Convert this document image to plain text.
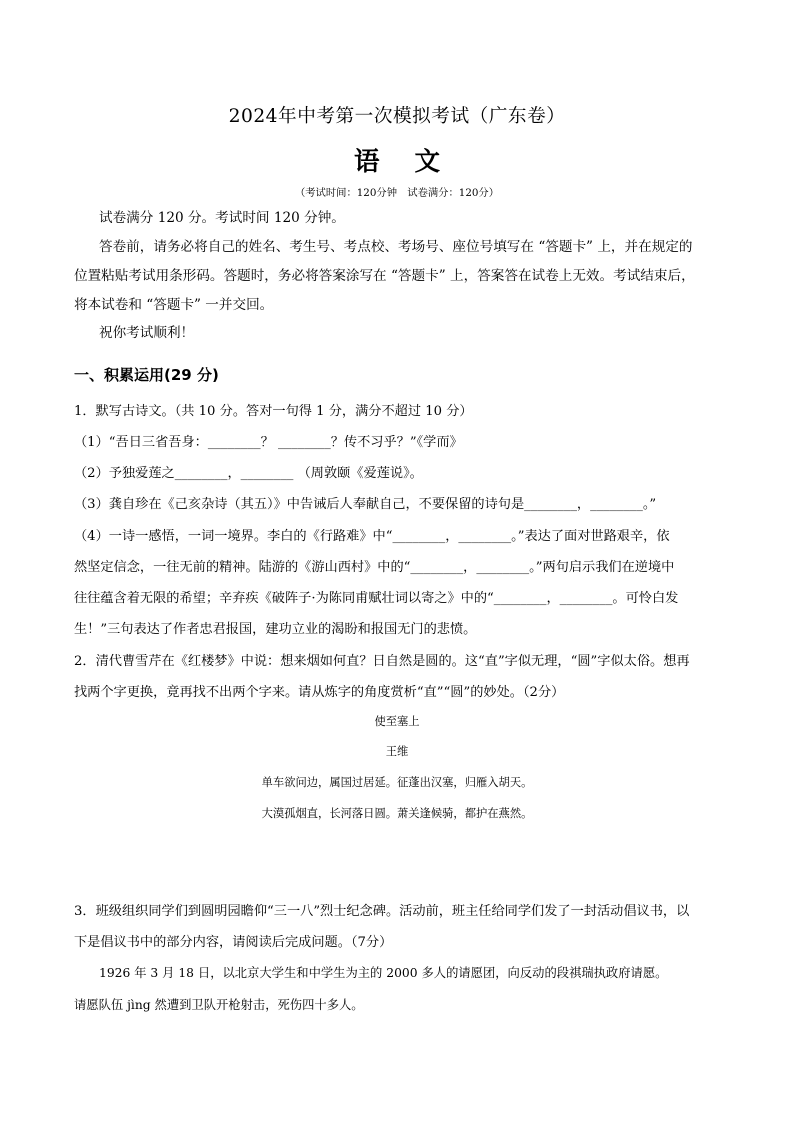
2024年中考第一次模拟考试（广东卷）
语 文
（考试时间：120分钟　试卷满分：120分）
试卷满分 120 分。考试时间 120 分钟。
答卷前，请务必将自己的姓名、考生号、考点校、考场号、座位号填写在 “答题卡” 上，并在规定的
位置粘贴考试用条形码。答题时，务必将答案涂写在 “答题卡” 上，答案答在试卷上无效。考试结束后，
将本试卷和 “答题卡” 一并交回。
祝你考试顺利！
一、积累运用(29 分)
1．默写古诗文。（共 10 分。答对一句得 1 分，满分不超过 10 分）
（1）“吾日三省吾身：________？ ________？传不习乎？”《学而》
（2）予独爱莲之________，________ （周敦颐《爱莲说》。
（3）龚自珍在《己亥杂诗（其五）》中告诫后人奉献自己，不要保留的诗句是________，________。”
（4）一诗一感悟，一词一境界。李白的《行路难》中“________，________。”表达了面对世路艰辛，依
然坚定信念，一往无前的精神。陆游的《游山西村》中的“________，________。”两句启示我们在逆境中
往往蕴含着无限的希望；辛弃疾《破阵子·为陈同甫赋壮词以寄之》中的“________，________。可怜白发
生！”三句表达了作者忠君报国，建功立业的渴盼和报国无门的悲愤。
2．清代曹雪芹在《红楼梦》中说：想来烟如何直？日自然是圆的。这“直”字似无理，“圆”字似太俗。想再
找两个字更换，竟再找不出两个字来。请从炼字的角度赏析“直”“圆”的妙处。（2分）
使至塞上
王维
单车欲问边，属国过居延。征蓬出汉塞，归雁入胡天。
大漠孤烟直，长河落日圆。萧关逢候骑，都护在燕然。
3．班级组织同学们到圆明园瞻仰“三一八”烈士纪念碑。活动前，班主任给同学们发了一封活动倡议书，以
下是倡议书中的部分内容，请阅读后完成问题。（7分）
1926 年 3 月 18 日，以北京大学生和中学生为主的 2000 多人的请愿团，向反动的段祺瑞执政府请愿。
请愿队伍 jìng 然遭到卫队开枪射击，死伤四十多人。
